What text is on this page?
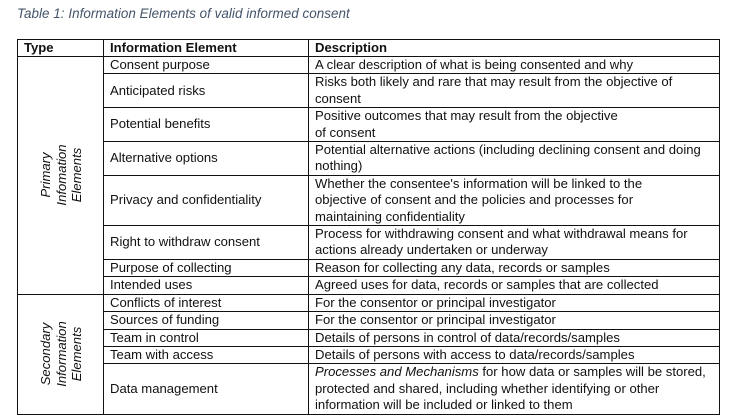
Table 1: Information Elements of valid informed consent
Type	Information Element	Description

Primary Infomation Elements	Consent purpose	A clear description of what is being consented and why
	Anticipated risks	Risks both likely and rare that may result from the objective of consent
	Potential benefits	Positive outcomes that may result from the objective of consent
	Alternative options	Potential alternative actions (including declining consent and doing nothing)
	Privacy and confidentiality	Whether the consentee's information will be linked to the objective of consent and the policies and processes for maintaining confidentiality
	Right to withdraw consent	Process for withdrawing consent and what withdrawal means for actions already undertaken or underway
	Purpose of collecting	Reason for collecting any data, records or samples
	Intended uses	Agreed uses for data, records or samples that are collected

Secondary Information Elements	Conflicts of interest	For the consentor or principal investigator
	Sources of funding	For the consentor or principal investigator
	Team in control	Details of persons in control of data/records/samples
	Team with access	Details of persons with access to data/records/samples
	Data management	Processes and Mechanisms for how data or samples will be stored, protected and shared, including whether identifying or other information will be included or linked to them
